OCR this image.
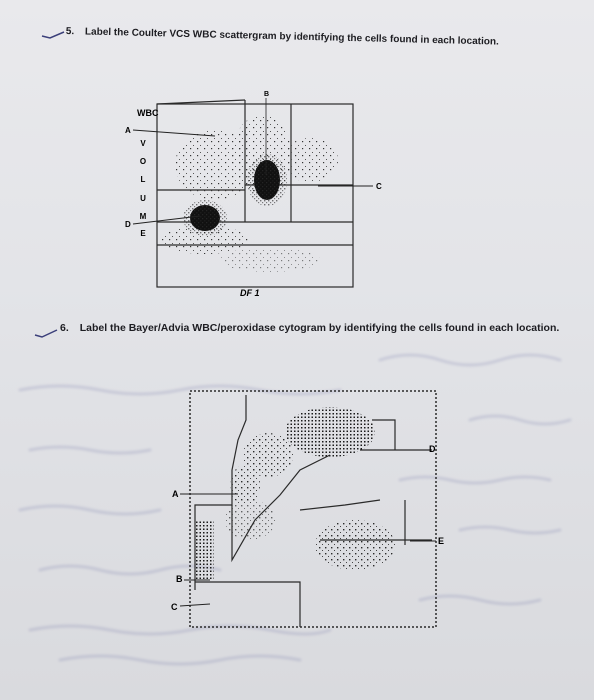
5. Label the Coulter VCS WBC scattergram by identifying the cells found in each location.
WBC
V
O
L
U
M
E
A
B
C
D
DF 1
6. Label the Bayer/Advia WBC/peroxidase cytogram by identifying the cells found in each location.
A
B
C
D
E
